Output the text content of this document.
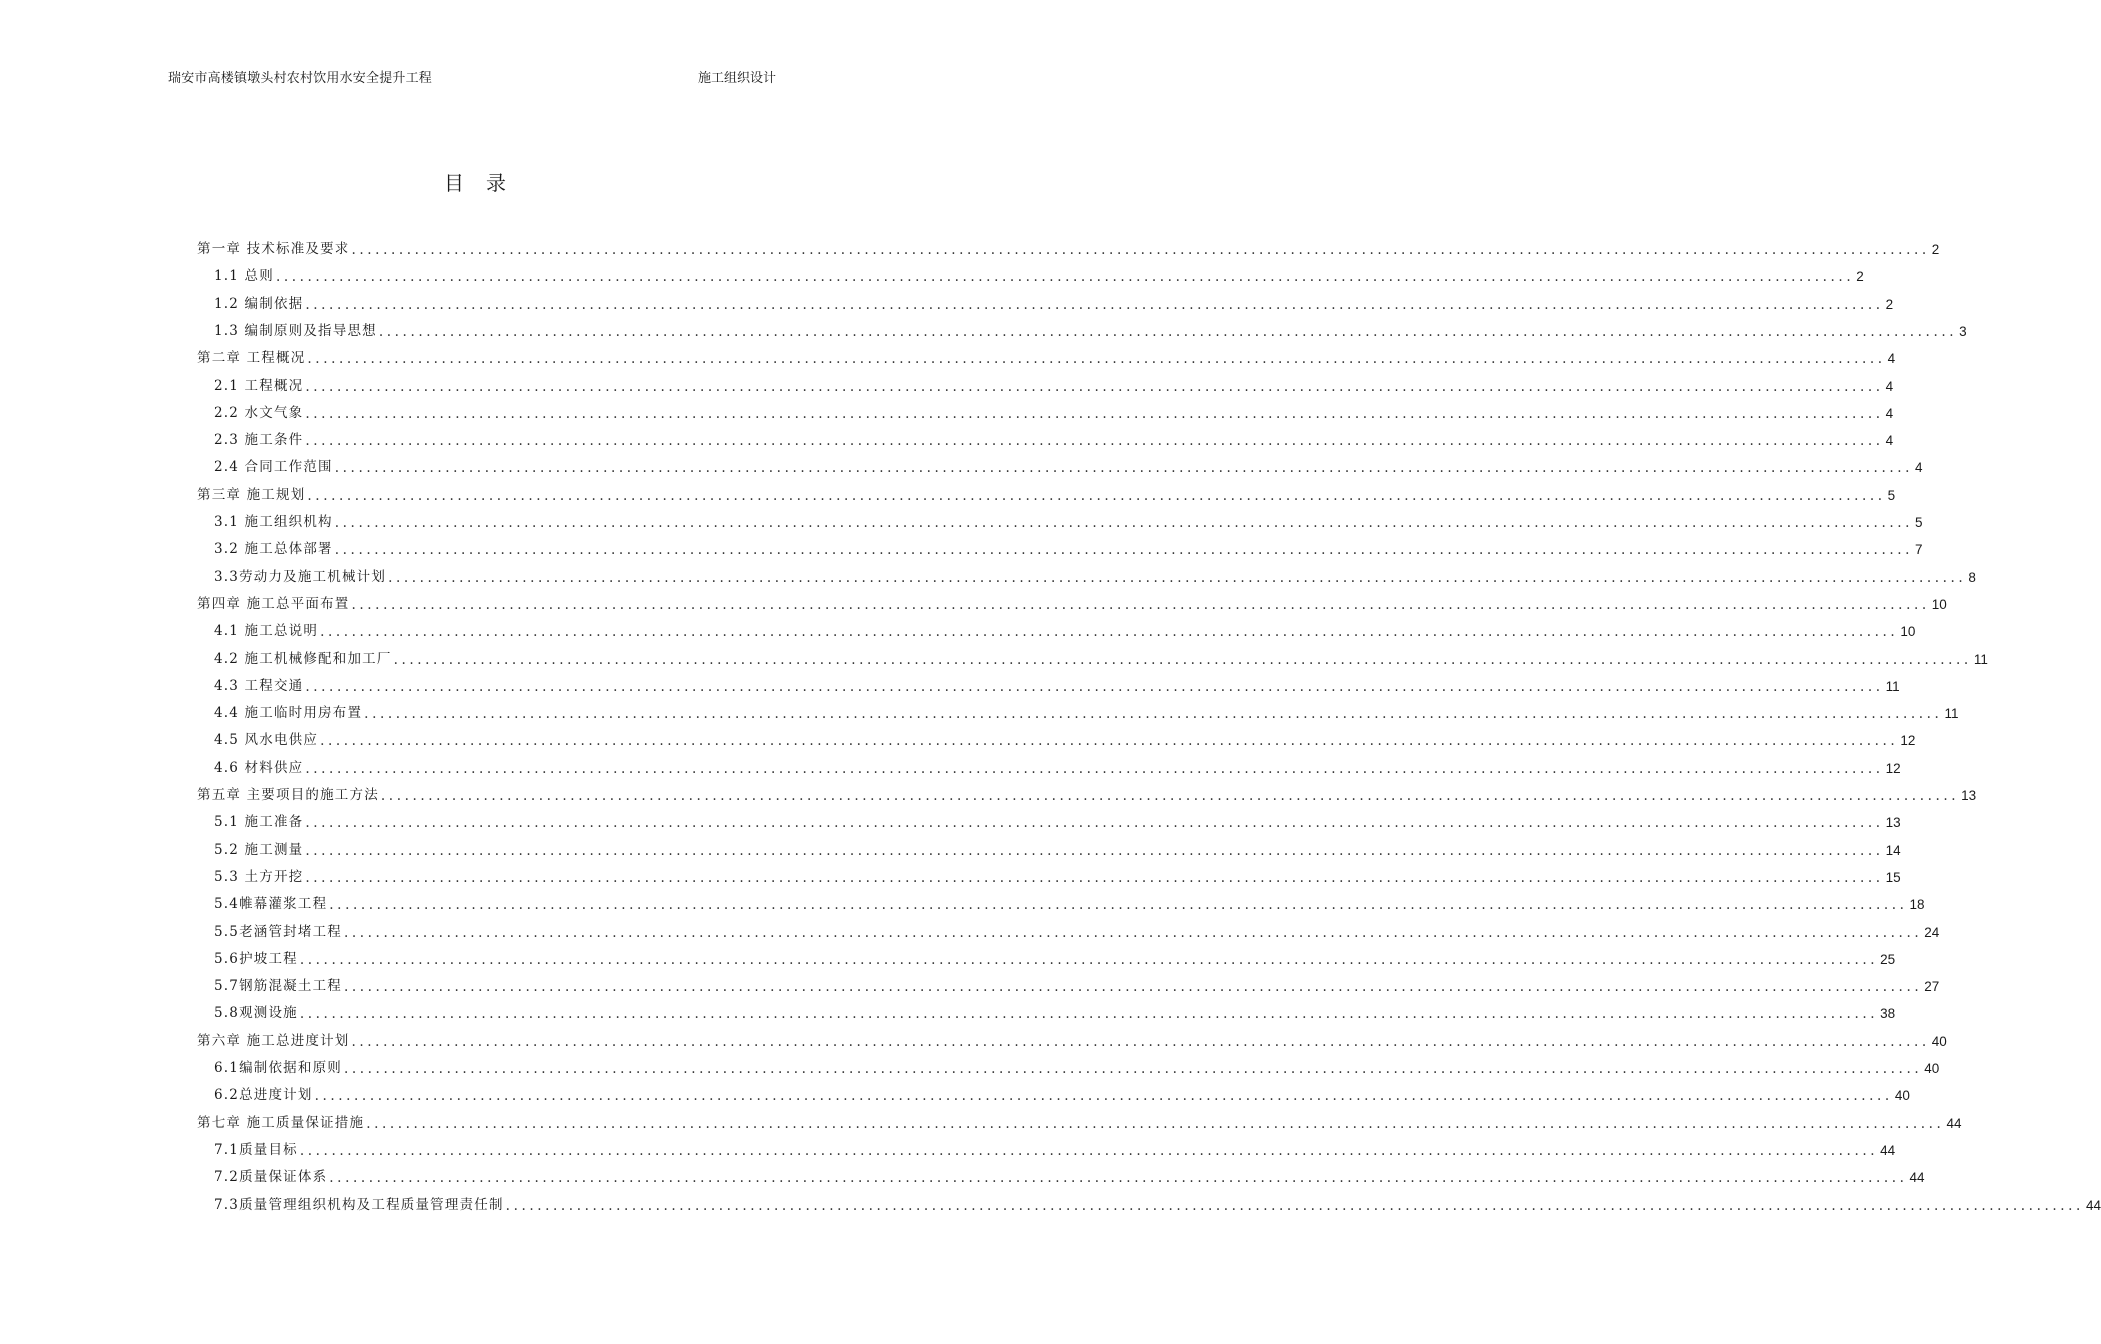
瑞安市高楼镇墩头村农村饮用水安全提升工程	施工组织设计
目录
第一章 技术标准及要求 ........................................................................................................................................................................................................ 2
1.1 总则 ........................................................................................................................................................................................................ 2
1.2 编制依据 ........................................................................................................................................................................................................ 2
1.3 编制原则及指导思想 ........................................................................................................................................................................................................ 3
第二章 工程概况 ........................................................................................................................................................................................................ 4
2.1 工程概况 ........................................................................................................................................................................................................ 4
2.2 水文气象 ........................................................................................................................................................................................................ 4
2.3 施工条件 ........................................................................................................................................................................................................ 4
2.4 合同工作范围 ........................................................................................................................................................................................................ 4
第三章 施工规划 ........................................................................................................................................................................................................ 5
3.1 施工组织机构 ........................................................................................................................................................................................................ 5
3.2 施工总体部署 ........................................................................................................................................................................................................ 7
3.3劳动力及施工机械计划 ........................................................................................................................................................................................................ 8
第四章 施工总平面布置 ........................................................................................................................................................................................................ 10
4.1 施工总说明 ........................................................................................................................................................................................................ 10
4.2 施工机械修配和加工厂 ........................................................................................................................................................................................................ 11
4.3 工程交通 ........................................................................................................................................................................................................ 11
4.4 施工临时用房布置 ........................................................................................................................................................................................................ 11
4.5 风水电供应 ........................................................................................................................................................................................................ 12
4.6 材料供应 ........................................................................................................................................................................................................ 12
第五章 主要项目的施工方法 ........................................................................................................................................................................................................ 13
5.1 施工准备 ........................................................................................................................................................................................................ 13
5.2 施工测量 ........................................................................................................................................................................................................ 14
5.3 土方开挖 ........................................................................................................................................................................................................ 15
5.4帷幕灌浆工程 ........................................................................................................................................................................................................ 18
5.5老涵管封堵工程 ........................................................................................................................................................................................................ 24
5.6护坡工程 ........................................................................................................................................................................................................ 25
5.7钢筋混凝土工程 ........................................................................................................................................................................................................ 27
5.8观测设施 ........................................................................................................................................................................................................ 38
第六章 施工总进度计划 ........................................................................................................................................................................................................ 40
6.1编制依据和原则 ........................................................................................................................................................................................................ 40
6.2总进度计划 ........................................................................................................................................................................................................ 40
第七章 施工质量保证措施 ........................................................................................................................................................................................................ 44
7.1质量目标 ........................................................................................................................................................................................................ 44
7.2质量保证体系 ........................................................................................................................................................................................................ 44
7.3质量管理组织机构及工程质量管理责任制 ........................................................................................................................................................................................................ 44
